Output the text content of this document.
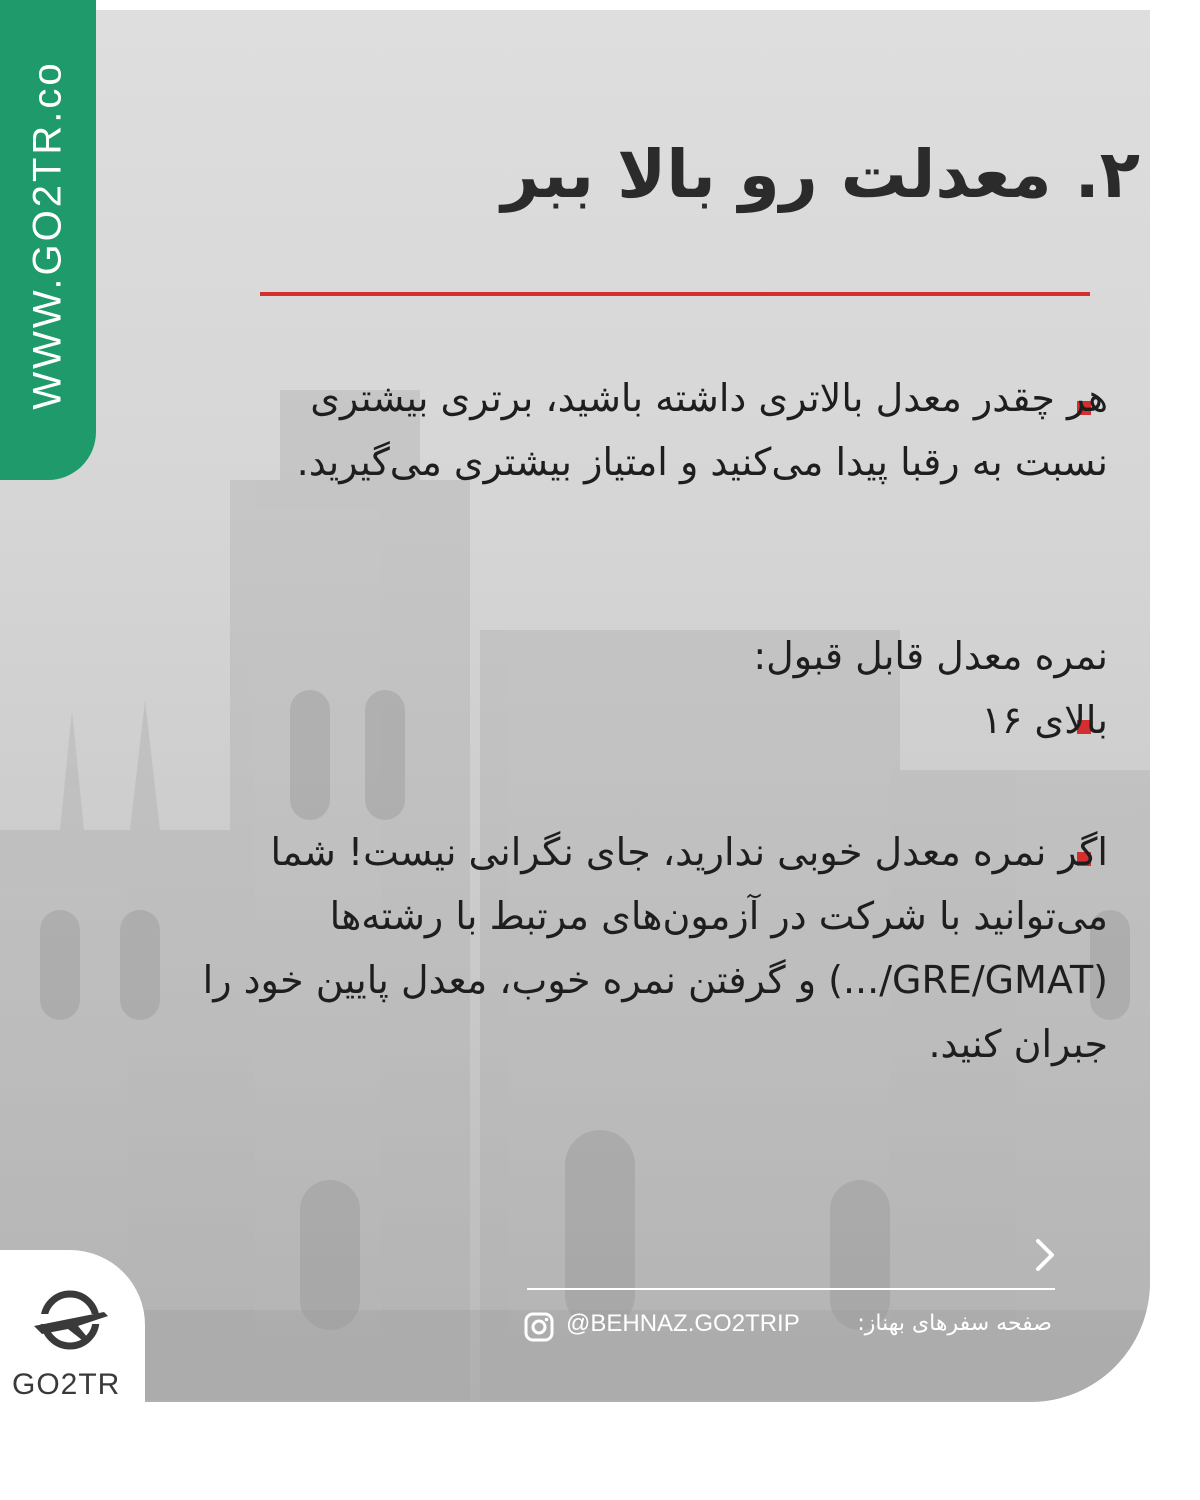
WWW.GO2TR.co	۲. معدلت رو بالا ببر
هر چقدر معدل بالاتری داشته باشید، برتری بیشتری نسبت به رقبا پیدا می‌کنید و امتیاز بیشتری می‌گیرید.
نمره معدل قابل قبول:
بالای ۱۶
اگر نمره معدل خوبی ندارید، جای نگرانی نیست! شما می‌توانید با شرکت در آزمون‌های مرتبط با رشته‌ها (GRE/GMAT/...) و گرفتن نمره خوب، معدل پایین خود را جبران کنید.
@BEHNAZ.GO2TRIP	صفحه سفرهای بهناز:
GO2TR
